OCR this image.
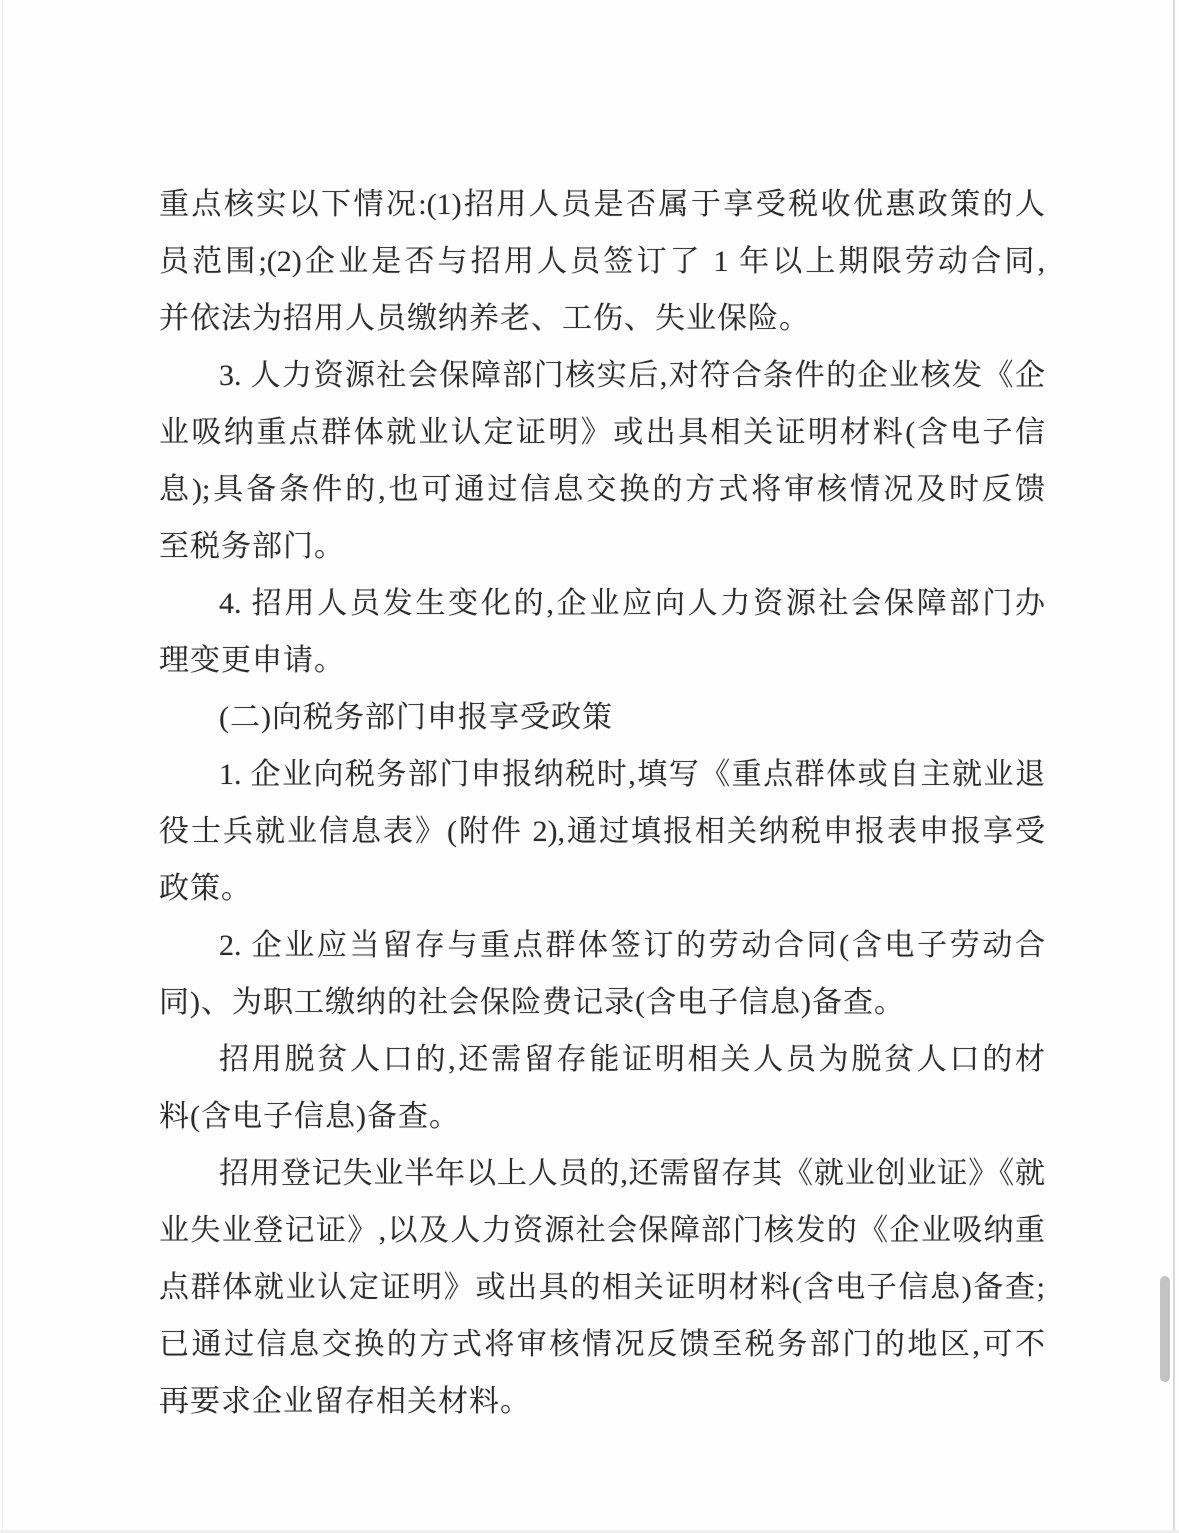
重点核实以下情况:(1)招用人员是否属于享受税收优惠政策的人
员范围;(2)企业是否与招用人员签订了 1 年以上期限劳动合同,
并依法为招用人员缴纳养老、工伤、失业保险。
3. 人力资源社会保障部门核实后,对符合条件的企业核发《企
业吸纳重点群体就业认定证明》或出具相关证明材料(含电子信
息);具备条件的,也可通过信息交换的方式将审核情况及时反馈
至税务部门。
4. 招用人员发生变化的,企业应向人力资源社会保障部门办
理变更申请。
(二)向税务部门申报享受政策
1. 企业向税务部门申报纳税时,填写《重点群体或自主就业退
役士兵就业信息表》(附件 2),通过填报相关纳税申报表申报享受
政策。
2. 企业应当留存与重点群体签订的劳动合同(含电子劳动合
同)、为职工缴纳的社会保险费记录(含电子信息)备查。
招用脱贫人口的,还需留存能证明相关人员为脱贫人口的材
料(含电子信息)备查。
招用登记失业半年以上人员的,还需留存其《就业创业证》《就
业失业登记证》,以及人力资源社会保障部门核发的《企业吸纳重
点群体就业认定证明》或出具的相关证明材料(含电子信息)备查;
已通过信息交换的方式将审核情况反馈至税务部门的地区,可不
再要求企业留存相关材料。
